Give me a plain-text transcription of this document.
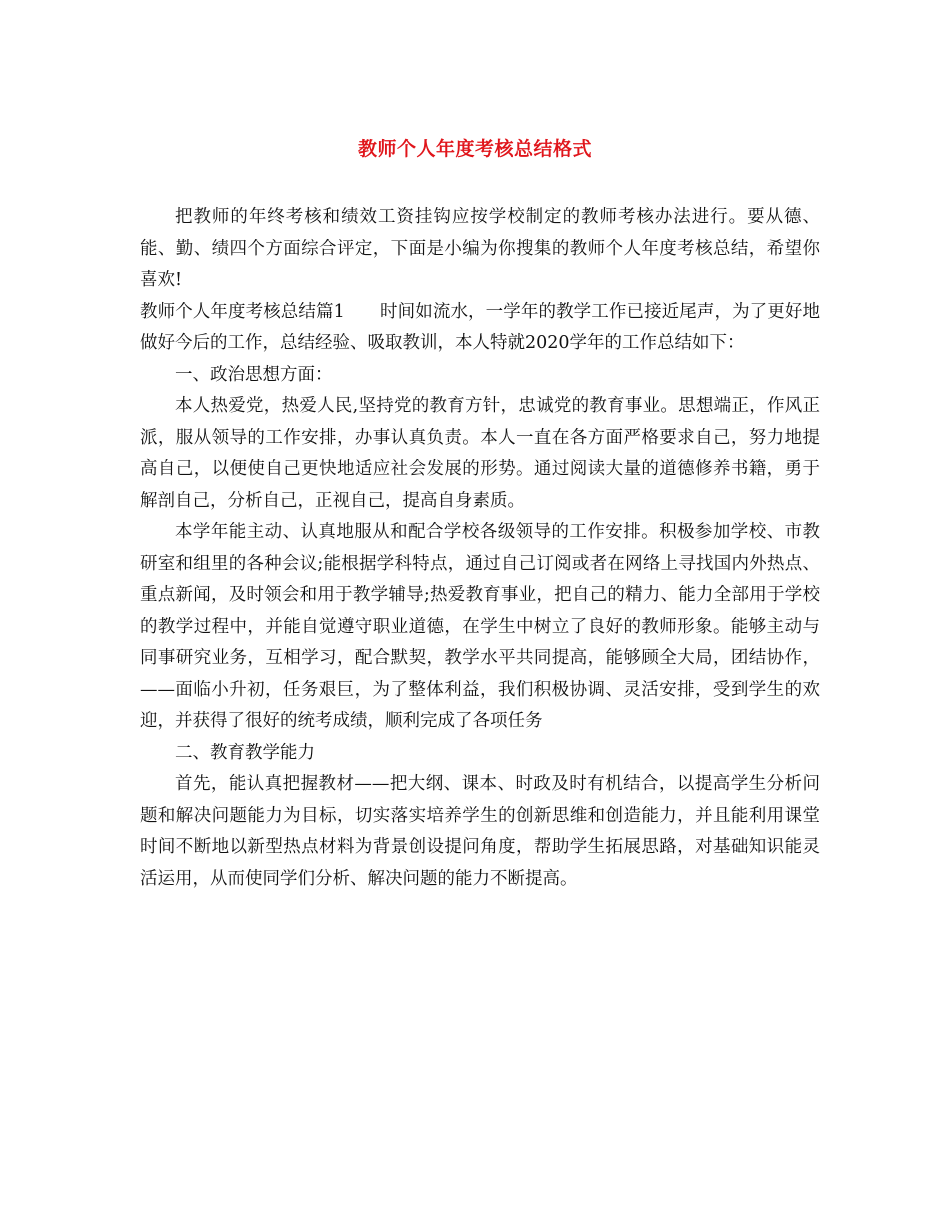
教师个人年度考核总结格式

把教师的年终考核和绩效工资挂钩应按学校制定的教师考核办法进行。要从德、能、勤、绩四个方面综合评定，下面是小编为你搜集的教师个人年度考核总结，希望你喜欢!

教师个人年度考核总结篇1　　时间如流水，一学年的教学工作已接近尾声，为了更好地做好今后的工作，总结经验、吸取教训，本人特就2020学年的工作总结如下：

一、政治思想方面：

本人热爱党，热爱人民,坚持党的教育方针，忠诚党的教育事业。思想端正，作风正派，服从领导的工作安排，办事认真负责。本人一直在各方面严格要求自己，努力地提高自己，以便使自己更快地适应社会发展的形势。通过阅读大量的道德修养书籍，勇于解剖自己，分析自己，正视自己，提高自身素质。

本学年能主动、认真地服从和配合学校各级领导的工作安排。积极参加学校、市教研室和组里的各种会议;能根据学科特点，通过自己订阅或者在网络上寻找国内外热点、重点新闻，及时领会和用于教学辅导;热爱教育事业，把自己的精力、能力全部用于学校的教学过程中，并能自觉遵守职业道德，在学生中树立了良好的教师形象。能够主动与同事研究业务，互相学习，配合默契，教学水平共同提高，能够顾全大局，团结协作，——面临小升初，任务艰巨，为了整体利益，我们积极协调、灵活安排，受到学生的欢迎，并获得了很好的统考成绩，顺利完成了各项任务

二、教育教学能力

首先，能认真把握教材——把大纲、课本、时政及时有机结合，以提高学生分析问题和解决问题能力为目标，切实落实培养学生的创新思维和创造能力，并且能利用课堂时间不断地以新型热点材料为背景创设提问角度，帮助学生拓展思路，对基础知识能灵活运用，从而使同学们分析、解决问题的能力不断提高。
